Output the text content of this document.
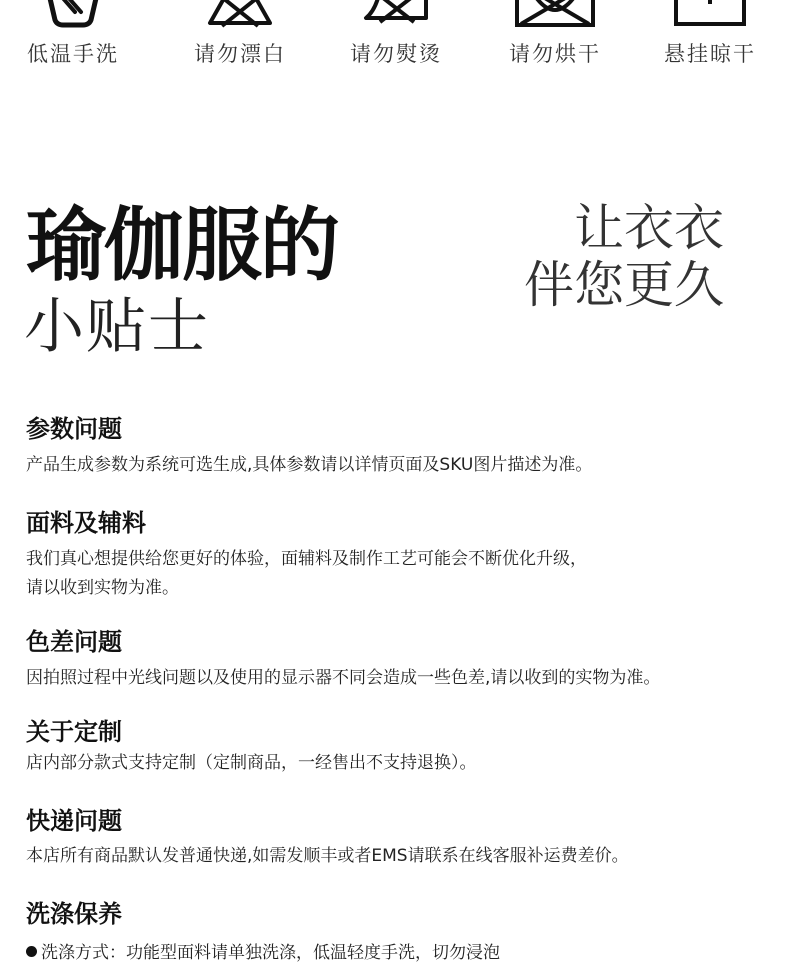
低温手洗	请勿漂白	请勿熨烫	请勿烘干	悬挂晾干
瑜伽服的
小贴士
让衣衣
伴您更久
参数问题

产品生成参数为系统可选生成,具体参数请以详情页面及SKU图片描述为准。

面料及辅料

我们真心想提供给您更好的体验，面辅料及制作工艺可能会不断优化升级，

请以收到实物为准。

色差问题

因拍照过程中光线问题以及使用的显示器不同会造成一些色差,请以收到的实物为准。

关于定制

店内部分款式支持定制（定制商品，一经售出不支持退换）。

快递问题

本店所有商品默认发普通快递,如需发顺丰或者EMS请联系在线客服补运费差价。

洗涤保养

洗涤方式：功能型面料请单独洗涤，低温轻度手洗，切勿浸泡
